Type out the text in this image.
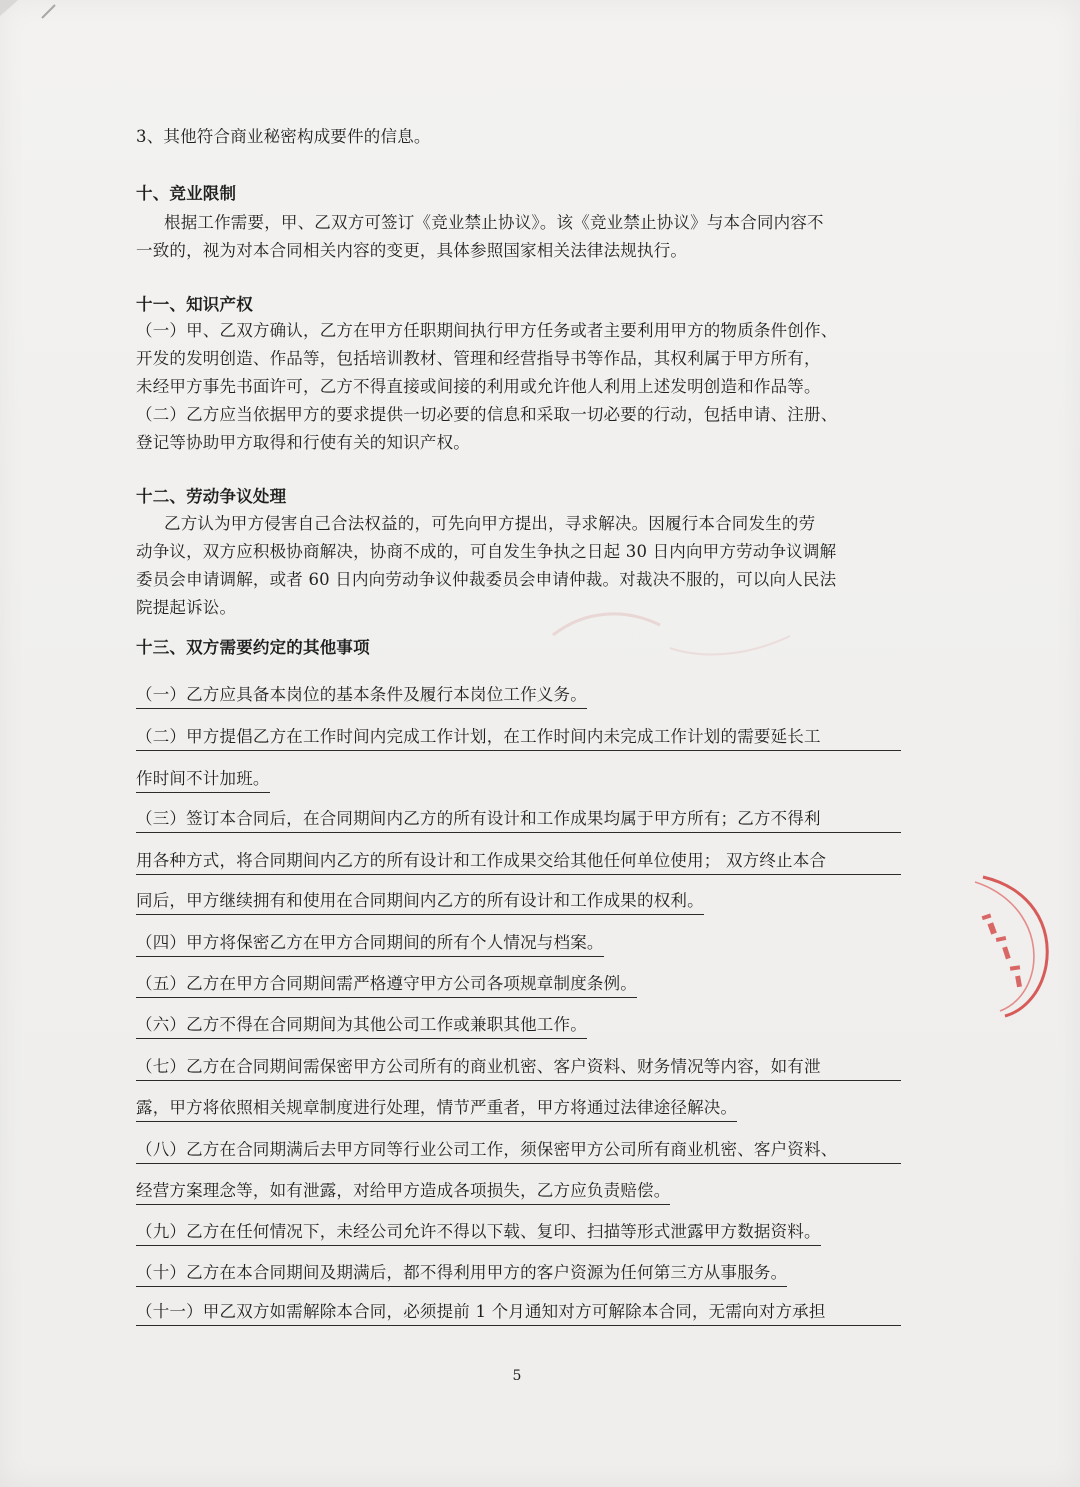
3、其他符合商业秘密构成要件的信息。
十、竞业限制
根据工作需要，甲、乙双方可签订《竞业禁止协议》。该《竞业禁止协议》与本合同内容不
一致的，视为对本合同相关内容的变更，具体参照国家相关法律法规执行。
十一、知识产权
（一）甲、乙双方确认，乙方在甲方任职期间执行甲方任务或者主要利用甲方的物质条件创作、
开发的发明创造、作品等，包括培训教材、管理和经营指导书等作品，其权利属于甲方所有，
未经甲方事先书面许可，乙方不得直接或间接的利用或允许他人利用上述发明创造和作品等。
（二）乙方应当依据甲方的要求提供一切必要的信息和采取一切必要的行动，包括申请、注册、
登记等协助甲方取得和行使有关的知识产权。
十二、劳动争议处理
乙方认为甲方侵害自己合法权益的，可先向甲方提出，寻求解决。因履行本合同发生的劳
动争议，双方应积极协商解决，协商不成的，可自发生争执之日起 30 日内向甲方劳动争议调解
委员会申请调解，或者 60 日内向劳动争议仲裁委员会申请仲裁。对裁决不服的，可以向人民法
院提起诉讼。
十三、双方需要约定的其他事项
（一）乙方应具备本岗位的基本条件及履行本岗位工作义务。
（二）甲方提倡乙方在工作时间内完成工作计划，在工作时间内未完成工作计划的需要延长工
作时间不计加班。
（三）签订本合同后，在合同期间内乙方的所有设计和工作成果均属于甲方所有；乙方不得利
用各种方式，将合同期间内乙方的所有设计和工作成果交给其他任何单位使用； 双方终止本合
同后，甲方继续拥有和使用在合同期间内乙方的所有设计和工作成果的权利。
（四）甲方将保密乙方在甲方合同期间的所有个人情况与档案。
（五）乙方在甲方合同期间需严格遵守甲方公司各项规章制度条例。
（六）乙方不得在合同期间为其他公司工作或兼职其他工作。
（七）乙方在合同期间需保密甲方公司所有的商业机密、客户资料、财务情况等内容，如有泄
露，甲方将依照相关规章制度进行处理，情节严重者，甲方将通过法律途径解决。
（八）乙方在合同期满后去甲方同等行业公司工作，须保密甲方公司所有商业机密、客户资料、
经营方案理念等，如有泄露，对给甲方造成各项损失，乙方应负责赔偿。
（九）乙方在任何情况下，未经公司允许不得以下载、复印、扫描等形式泄露甲方数据资料。
（十）乙方在本合同期间及期满后，都不得利用甲方的客户资源为任何第三方从事服务。
（十一）甲乙双方如需解除本合同，必须提前 1 个月通知对方可解除本合同，无需向对方承担
5
